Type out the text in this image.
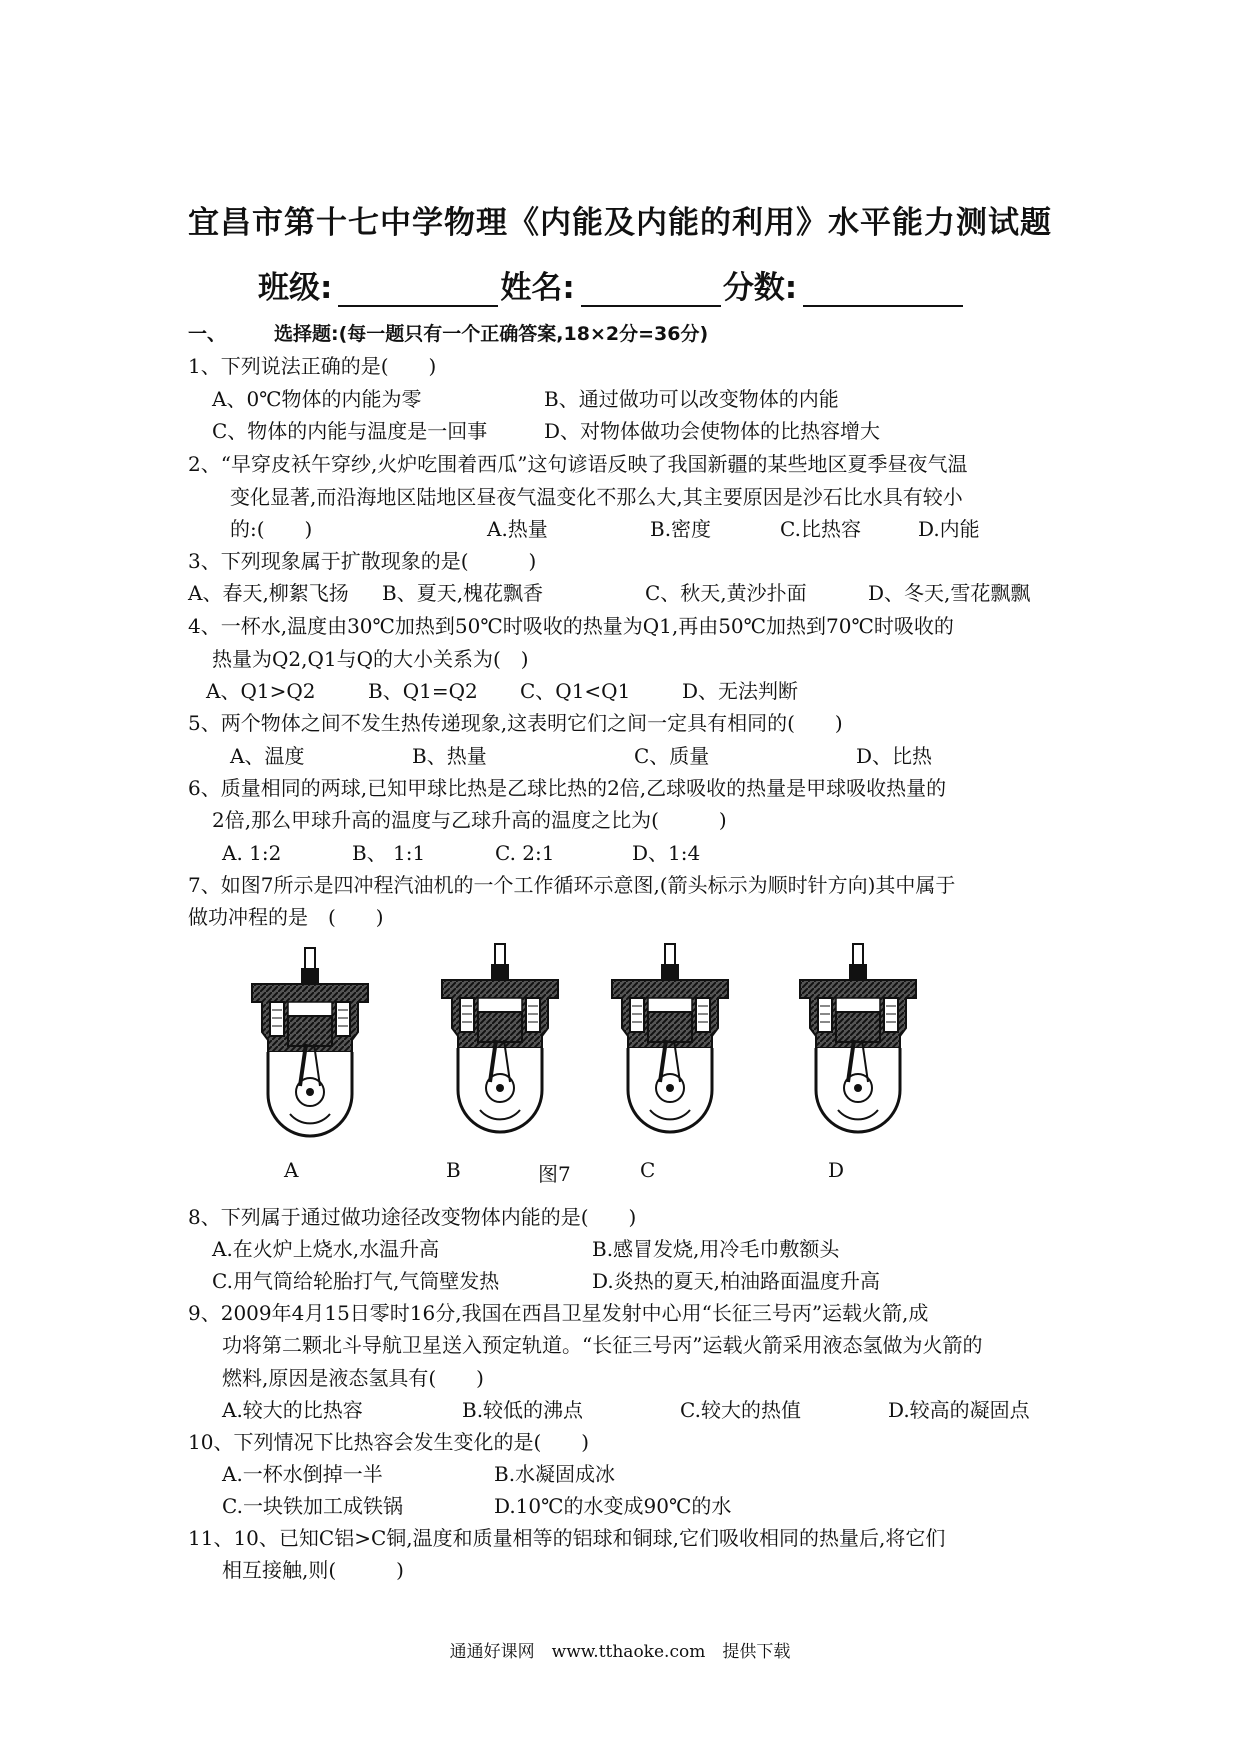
宜昌市第十七中学物理《内能及内能的利用》水平能力测试题
班级:	姓名:	分数:
一、	选择题:(每一题只有一个正确答案,18×2分=36分)
1、下列说法正确的是(　　)
A、0℃物体的内能为零	B、通过做功可以改变物体的内能
C、物体的内能与温度是一回事	D、对物体做功会使物体的比热容增大
2、“早穿皮袄午穿纱,火炉吃围着西瓜”这句谚语反映了我国新疆的某些地区夏季昼夜气温
变化显著,而沿海地区陆地区昼夜气温变化不那么大,其主要原因是沙石比水具有较小
的:(　　)	A.热量	B.密度	C.比热容	D.内能
3、下列现象属于扩散现象的是(　　　)
A、春天,柳絮飞扬 B、夏天,槐花飘香	C、秋天,黄沙扑面	D、冬天,雪花飘飘
4、一杯水,温度由30℃加热到50℃时吸收的热量为Q1,再由50℃加热到70℃时吸收的
热量为Q2,Q1与Q的大小关系为(　)
A、Q1>Q2	B、Q1=Q2 C、Q1<Q1	D、无法判断
5、两个物体之间不发生热传递现象,这表明它们之间一定具有相同的(　　)
A、温度	B、热量	C、质量	D、比热
6、质量相同的两球,已知甲球比热是乙球比热的2倍,乙球吸收的热量是甲球吸收热量的
2倍,那么甲球升高的温度与乙球升高的温度之比为(　　　)
A. 1:2	B、 1:1	C. 2:1	D、1:4
7、如图7所示是四冲程汽油机的一个工作循环示意图,(箭头标示为顺时针方向)其中属于
做功冲程的是　(　　)
A	B	图7	C	D
8、下列属于通过做功途径改变物体内能的是(　　)
A.在火炉上烧水,水温升高	B.感冒发烧,用冷毛巾敷额头
C.用气筒给轮胎打气,气筒壁发热	D.炎热的夏天,柏油路面温度升高
9、2009年4月15日零时16分,我国在西昌卫星发射中心用“长征三号丙”运载火箭,成
功将第二颗北斗导航卫星送入预定轨道。“长征三号丙”运载火箭采用液态氢做为火箭的
燃料,原因是液态氢具有(　　)
A.较大的比热容	B.较低的沸点	C.较大的热值	D.较高的凝固点
10、下列情况下比热容会发生变化的是(　　)
A.一杯水倒掉一半	B.水凝固成冰
C.一块铁加工成铁锅	D.10℃的水变成90℃的水
11、10、已知C铝>C铜,温度和质量相等的铝球和铜球,它们吸收相同的热量后,将它们
相互接触,则(　　　)
通通好课网　www.tthaoke.com　提供下载
